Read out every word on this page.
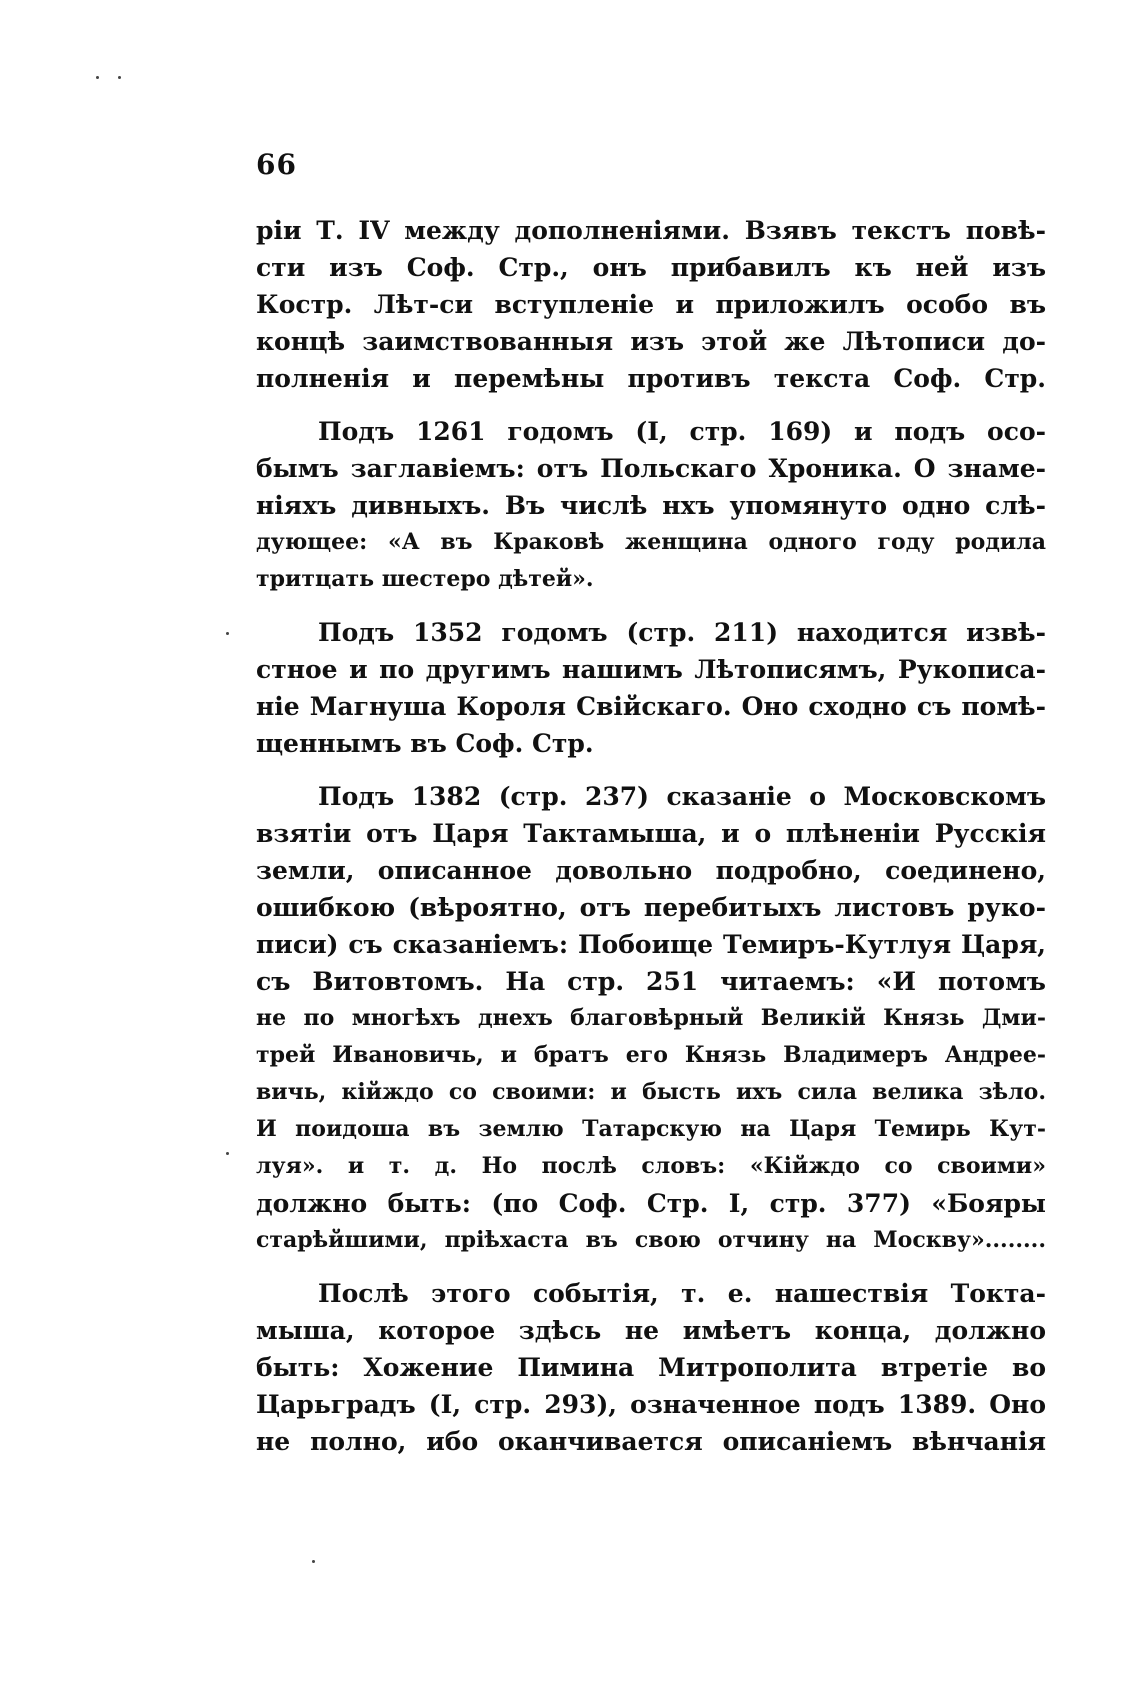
66

ріи Т. IV между дополненіями. Взявъ текстъ повѣ-
сти изъ Соф. Стр., онъ прибавилъ къ ней изъ
Костр. Лѣт-си вступленіе и приложилъ особо въ
концѣ заимствованныя изъ этой же Лѣтописи до-
полненія и перемѣны противъ текста Соф. Стр.

Подъ 1261 годомъ (I, стр. 169) и подъ осо-
бымъ заглавіемъ: отъ Польскаго Хроника. О знаме-
ніяхъ дивныхъ. Въ числѣ нхъ упомянуто одно слѣ-
дующее: «А въ Краковѣ женщина одного году родила
тритцать шестеро дѣтей».

Подъ 1352 годомъ (стр. 211) находится извѣ-
стное и по другимъ нашимъ Лѣтописямъ, Рукописа-
ніе Магнуша Короля Свійскаго. Оно сходно съ помѣ-
щеннымъ въ Соф. Стр.

Подъ 1382 (стр. 237) сказаніе о Московскомъ
взятіи отъ Царя Тактамыша, и о плѣненіи Русскія
земли, описанное довольно подробно, соединено,
ошибкою (вѣроятно, отъ перебитыхъ листовъ руко-
писи) съ сказаніемъ: Побоище Темиръ-Кутлуя Царя,
съ Витовтомъ. На стр. 251 читаемъ: «И потомъ
не по многѣхъ днехъ благовѣрный Великій Князь Дми-
трей Ивановичь, и братъ его Князь Владимеръ Андрее-
вичь, кійждо со своими: и бысть ихъ сила велика зѣло.
И поидоша въ землю Татарскую на Царя Темирь Кут-
луя». и т. д. Но послѣ словъ: «Кійждо со своими»
должно быть: (по Соф. Стр. I, стр. 377) «Бояры
старѣйшими, пріѣхаста въ свою отчину на Москву»........

Послѣ этого событія, т. е. нашествія Токта-
мыша, которое здѣсь не имѣетъ конца, должно
быть: Хожение Пимина Митрополита втретіе во
Царьградъ (I, стр. 293), означенное подъ 1389. Оно
не полно, ибо оканчивается описаніемъ вѣнчанія
